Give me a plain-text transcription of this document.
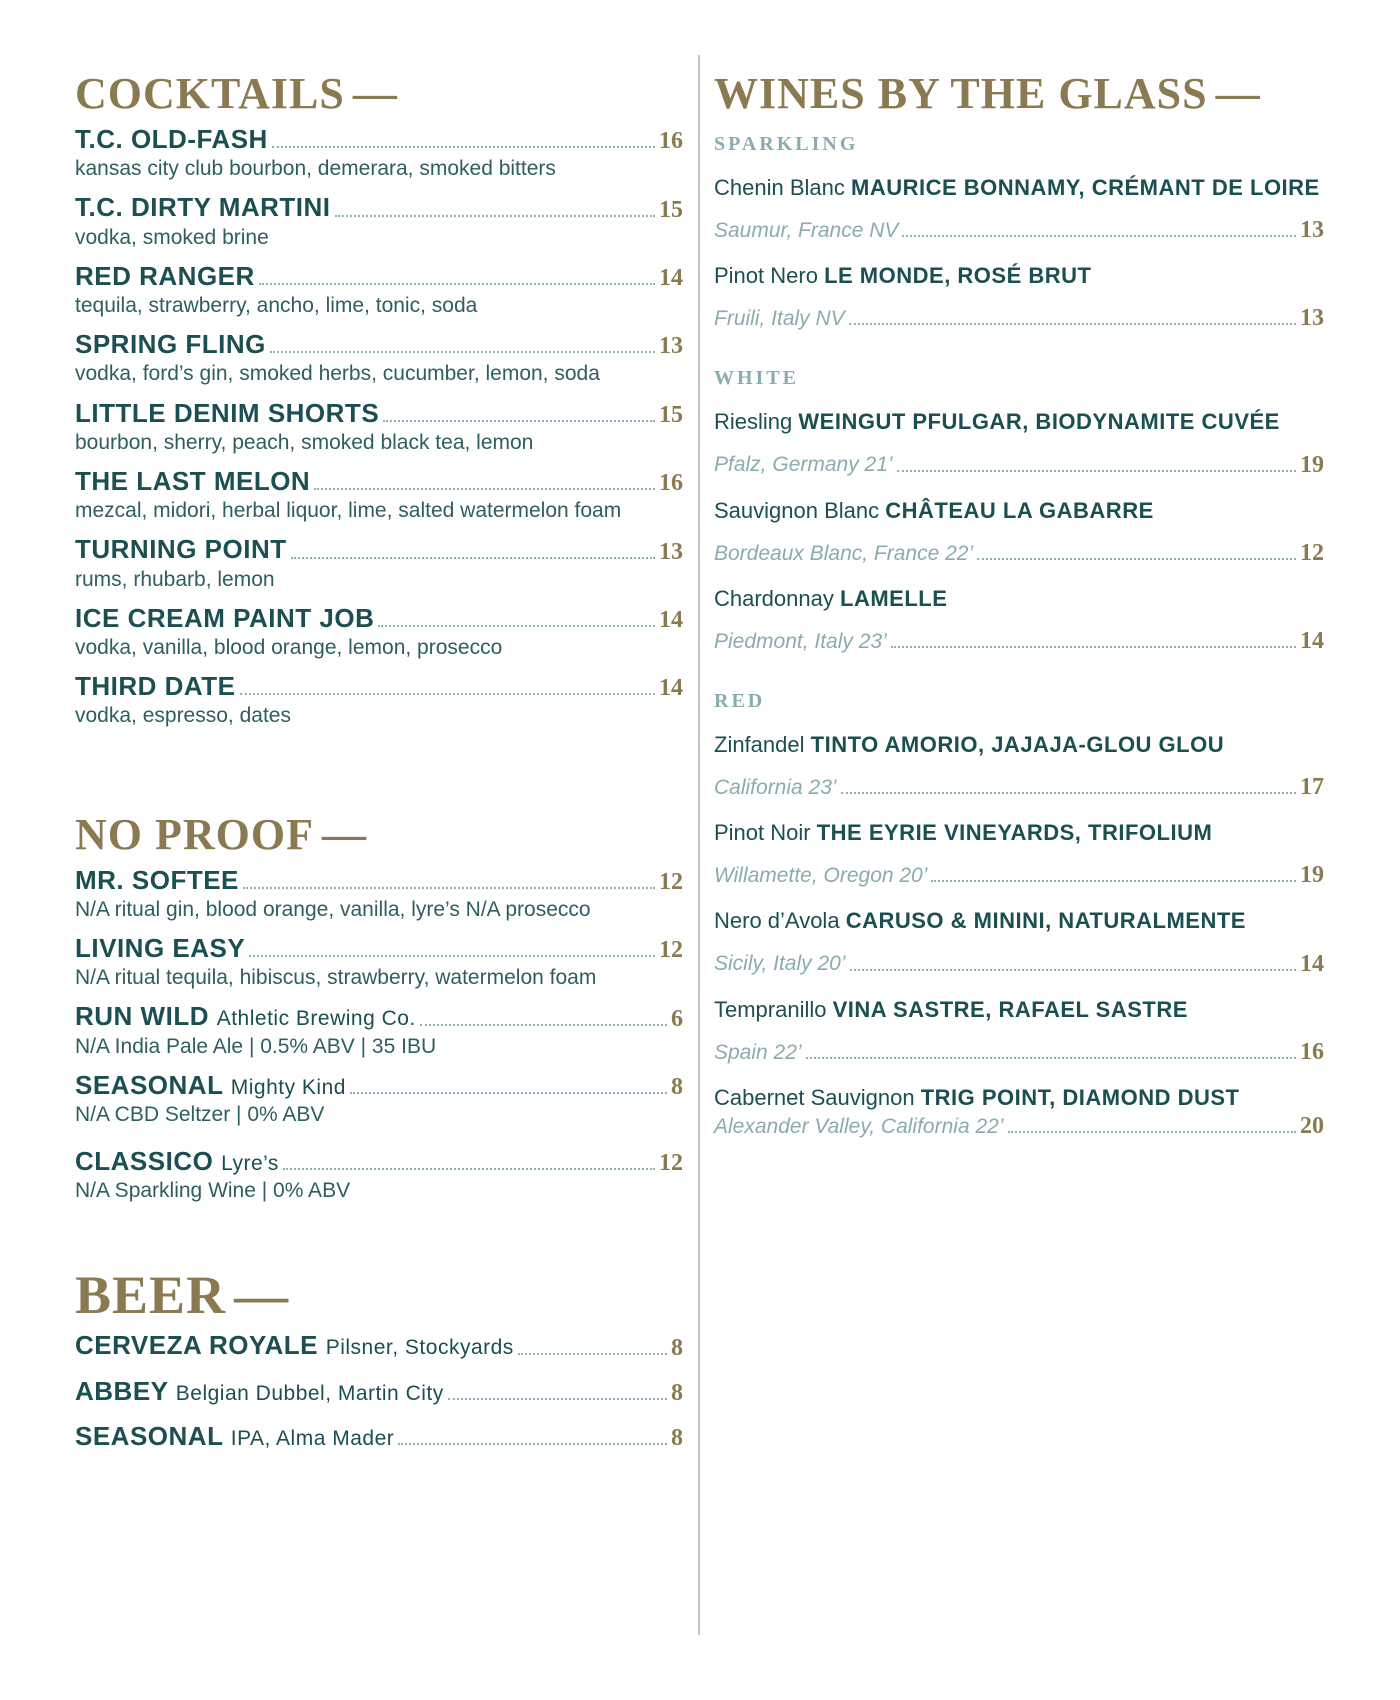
COCKTAILS —
T.C. OLD-FASH	16
kansas city club bourbon, demerara, smoked bitters
T.C. DIRTY MARTINI	15
vodka, smoked brine
RED RANGER	14
tequila, strawberry, ancho, lime, tonic, soda
SPRING FLING	13
vodka, ford’s gin, smoked herbs, cucumber, lemon, soda
LITTLE DENIM SHORTS	15
bourbon, sherry, peach, smoked black tea, lemon
THE LAST MELON	16
mezcal, midori, herbal liquor, lime, salted watermelon foam
TURNING POINT	13
rums, rhubarb, lemon
ICE CREAM PAINT JOB	14
vodka, vanilla, blood orange, lemon, prosecco
THIRD DATE	14
vodka, espresso, dates
NO PROOF —
MR. SOFTEE	12
N/A ritual gin, blood orange, vanilla, lyre’s N/A prosecco
LIVING EASY	12
N/A ritual tequila, hibiscus, strawberry, watermelon foam
RUN WILD Athletic Brewing Co.	6
N/A India Pale Ale | 0.5% ABV | 35 IBU
SEASONAL Mighty Kind	8
N/A CBD Seltzer | 0% ABV
CLASSICO Lyre’s	12
N/A Sparkling Wine | 0% ABV
BEER —
CERVEZA ROYALE Pilsner, Stockyards	8
ABBEY Belgian Dubbel, Martin City	8
SEASONAL IPA, Alma Mader	8
WINES BY THE GLASS —
SPARKLING
Chenin Blanc MAURICE BONNAMY, CRÉMANT DE LOIRE
Saumur, France NV	13
Pinot Nero LE MONDE, ROSÉ BRUT
Fruili, Italy NV	13
WHITE
Riesling WEINGUT PFULGAR, BIODYNAMITE CUVÉE
Pfalz, Germany 21’	19
Sauvignon Blanc CHÂTEAU LA GABARRE
Bordeaux Blanc, France 22’	12
Chardonnay LAMELLE
Piedmont, Italy 23’	14
RED
Zinfandel TINTO AMORIO, JAJAJA-GLOU GLOU
California 23’	17
Pinot Noir THE EYRIE VINEYARDS, TRIFOLIUM
Willamette, Oregon 20’	19
Nero d’Avola CARUSO & MININI, NATURALMENTE
Sicily, Italy 20’	14
Tempranillo VINA SASTRE, RAFAEL SASTRE
Spain 22’	16
Cabernet Sauvignon TRIG POINT, DIAMOND DUST
Alexander Valley, California 22’	20
